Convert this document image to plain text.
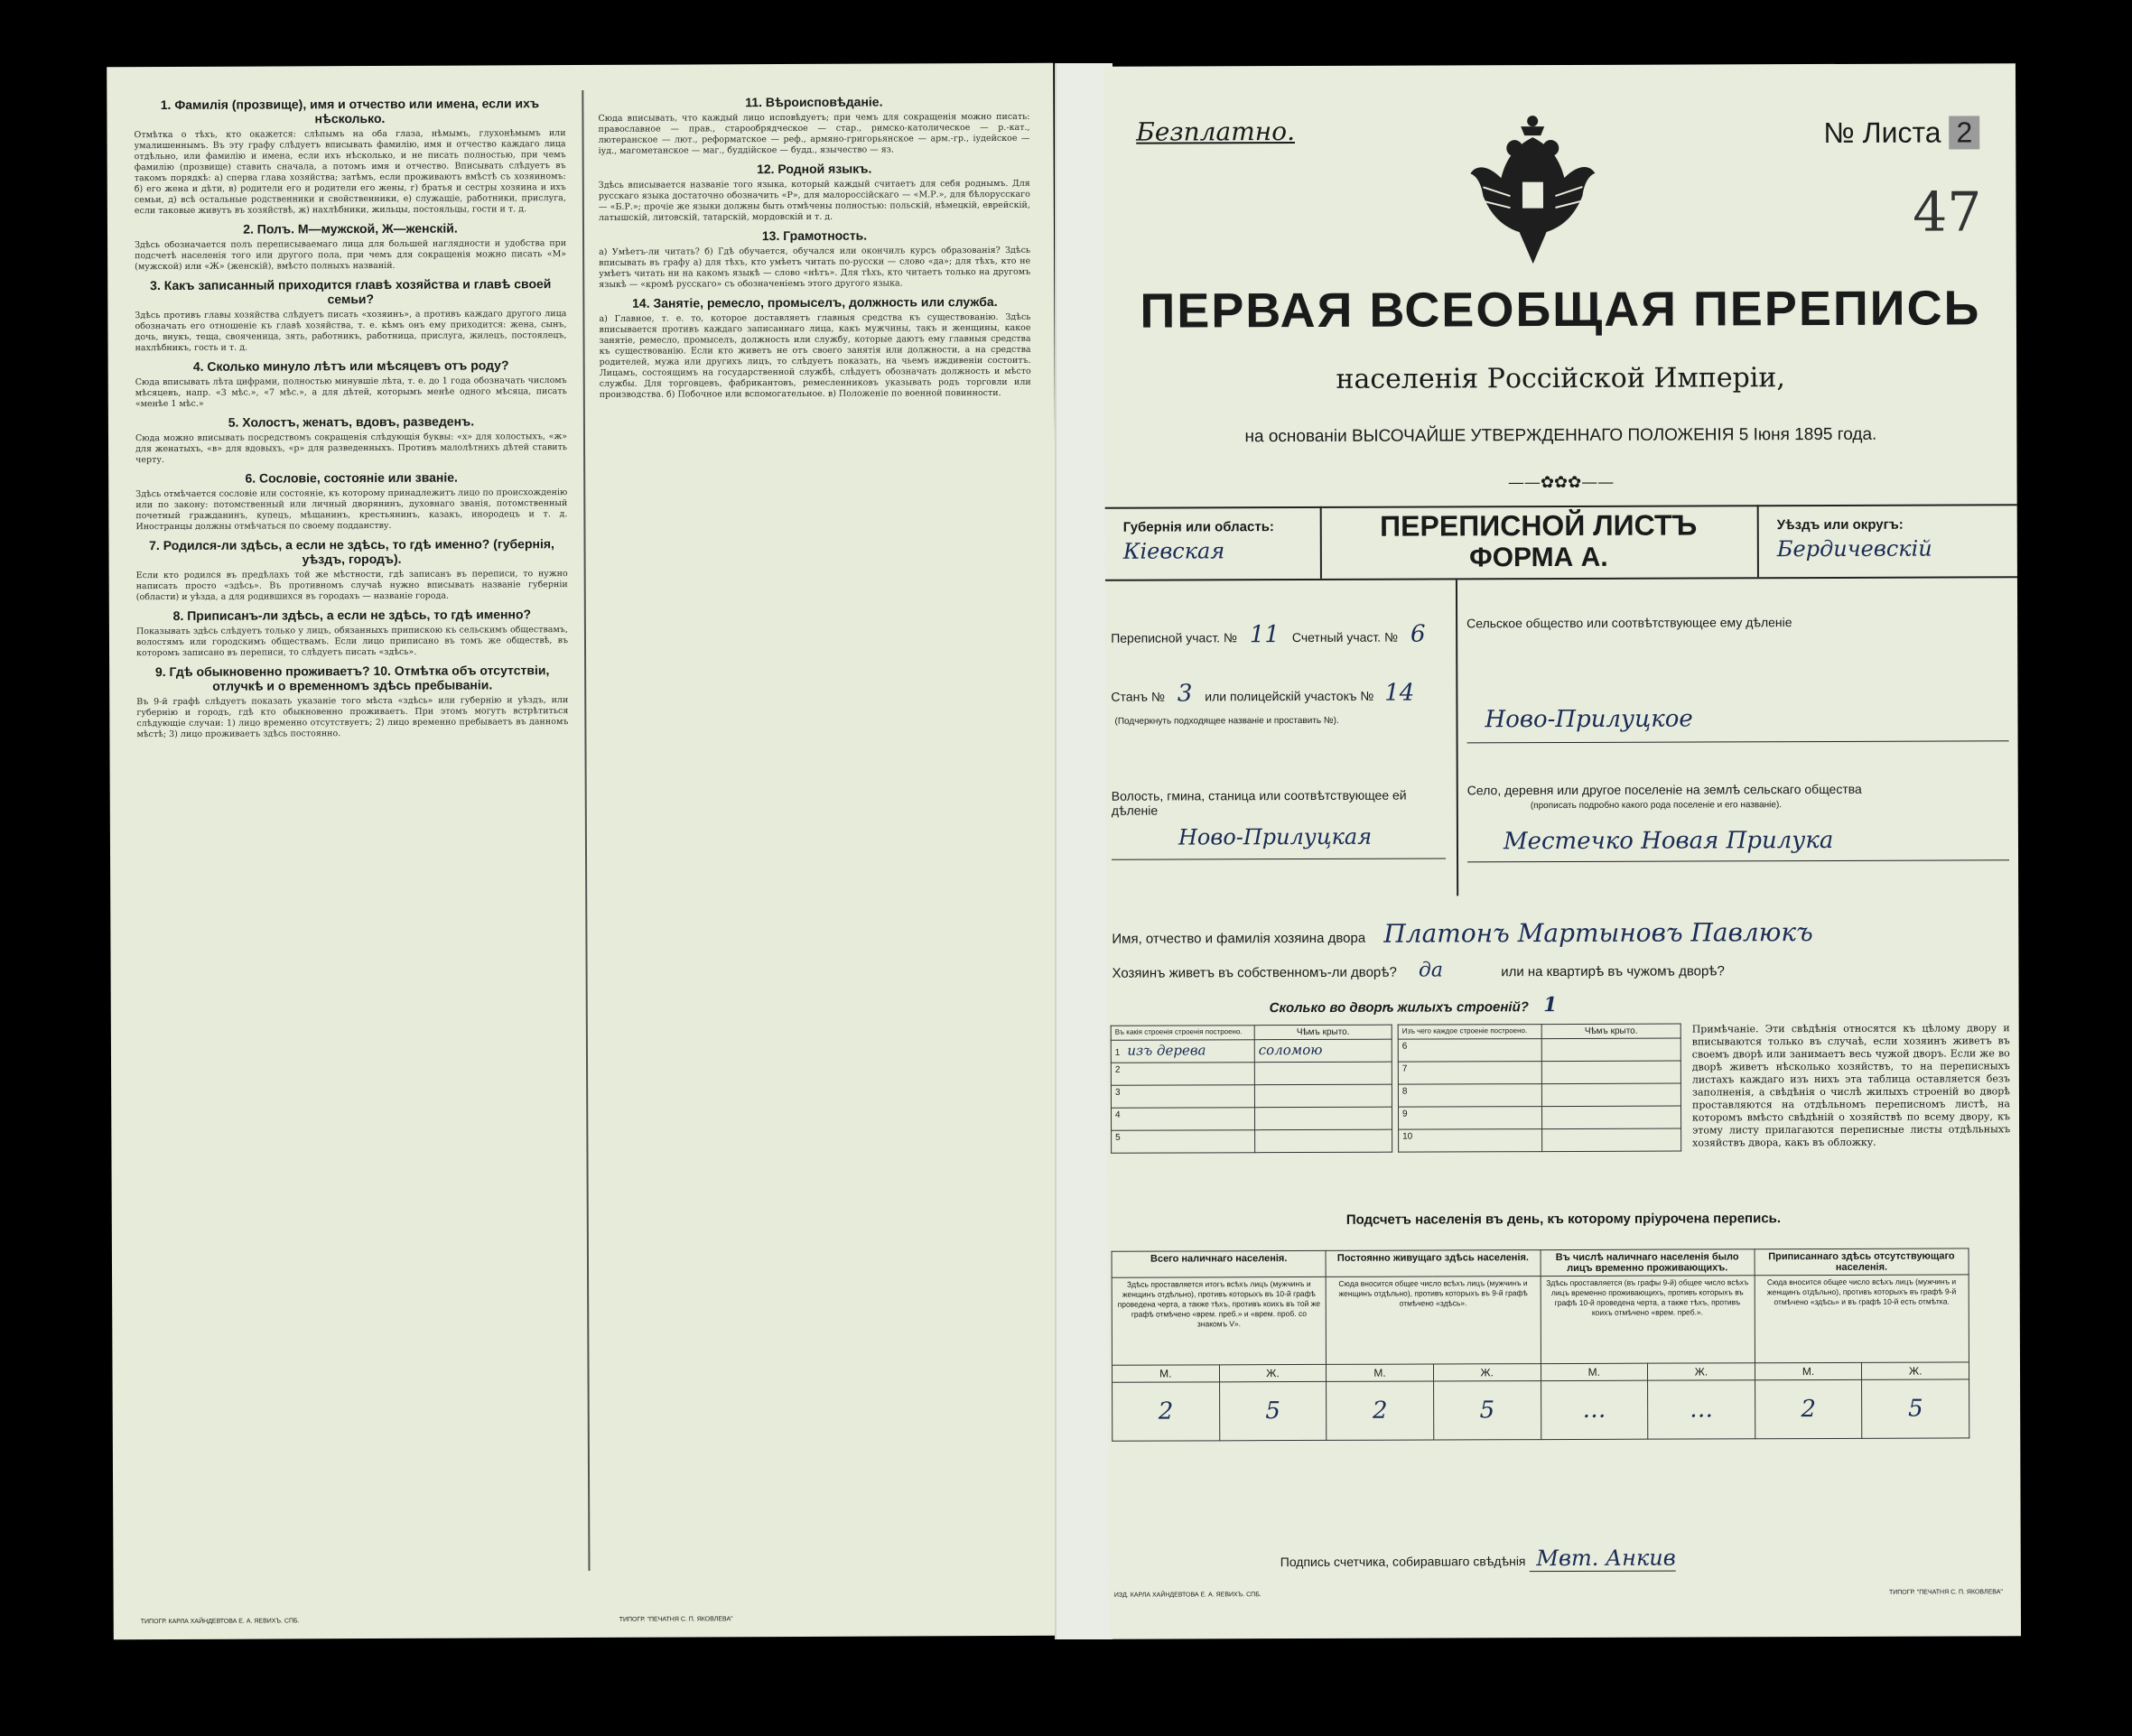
1. Фамилія (прозвище), имя и отчество или имена, если ихъ нѣсколько.

Отмѣтка о тѣхъ, кто окажется: слѣпымъ на оба глаза, нѣмымъ, глухонѣмымъ или умалишеннымъ. Въ эту графу слѣдуетъ вписывать фамилію, имя и отчество каждаго лица отдѣльно, или фамилію и имена, если ихъ нѣсколько, и не писать полностью, при чемъ фамилію (прозвище) ставить сначала, а потомъ имя и отчество. Вписывать слѣдуетъ въ такомъ порядкѣ: а) сперва глава хозяйства; затѣмъ, если проживаютъ вмѣстѣ съ хозяиномъ: б) его жена и дѣти, в) родители его и родители его жены, г) братья и сестры хозяина и ихъ семьи, д) всѣ остальные родственники и свойственники, е) служащіе, работники, прислуга, если таковые живутъ въ хозяйствѣ, ж) нахлѣбники, жильцы, постояльцы, гости и т. д.

2. Полъ. М—мужской, Ж—женскій.

Здѣсь обозначается полъ переписываемаго лица для большей наглядности и удобства при подсчетѣ населенія того или другого пола, при чемъ для сокращенія можно писать «М» (мужской) или «Ж» (женскій), вмѣсто полныхъ названій.

3. Какъ записанный приходится главѣ хозяйства и главѣ своей семьи?

Здѣсь противъ главы хозяйства слѣдуетъ писать «хозяинъ», а противъ каждаго другого лица обозначать его отношеніе къ главѣ хозяйства, т. е. кѣмъ онъ ему приходится: жена, сынъ, дочь, внукъ, теща, свояченица, зять, работникъ, работница, прислуга, жилецъ, постоялецъ, нахлѣбникъ, гость и т. д.

4. Сколько минуло лѣтъ или мѣсяцевъ отъ роду?

Сюда вписывать лѣта цифрами, полностью минувшіе лѣта, т. е. до 1 года обозначать числомъ мѣсяцевъ, напр. «3 мѣс.», «7 мѣс.», а для дѣтей, которымъ менѣе одного мѣсяца, писать «менѣе 1 мѣс.»

5. Холостъ, женатъ, вдовъ, разведенъ.

Сюда можно вписывать посредствомъ сокращенія слѣдующія буквы: «х» для холостыхъ, «ж» для женатыхъ, «в» для вдовыхъ, «р» для разведенныхъ. Противъ малолѣтнихъ дѣтей ставить черту.

6. Сословіе, состояніе или званіе.

Здѣсь отмѣчается сословіе или состояніе, къ которому принадлежитъ лицо по происхожденію или по закону: потомственный или личный дворянинъ, духовнаго званія, потомственный почетный гражданинъ, купецъ, мѣщанинъ, крестьянинъ, казакъ, инородецъ и т. д. Иностранцы должны отмѣчаться по своему подданству.

7. Родился-ли здѣсь, а если не здѣсь, то гдѣ именно? (губернія, уѣздъ, городъ).

Если кто родился въ предѣлахъ той же мѣстности, гдѣ записанъ въ переписи, то нужно написать просто «здѣсь». Въ противномъ случаѣ нужно вписывать названіе губерніи (области) и уѣзда, а для родившихся въ городахъ — названіе города.

8. Приписанъ-ли здѣсь, а если не здѣсь, то гдѣ именно?

Показывать здѣсь слѣдуетъ только у лицъ, обязанныхъ припискою къ сельскимъ обществамъ, волостямъ или городскимъ обществамъ. Если лицо приписано въ томъ же обществѣ, въ которомъ записано въ переписи, то слѣдуетъ писать «здѣсь».

9. Гдѣ обыкновенно проживаетъ? 10. Отмѣтка объ отсутствіи, отлучкѣ и о временномъ здѣсь пребываніи.

Въ 9-й графѣ слѣдуетъ показать указаніе того мѣста «здѣсь» или губернію и уѣздъ, или губернію и городъ, гдѣ кто обыкновенно проживаетъ. При этомъ могутъ встрѣтиться слѣдующіе случаи: 1) лицо временно отсутствуетъ; 2) лицо временно пребываетъ въ данномъ мѣстѣ; 3) лицо проживаетъ здѣсь постоянно.

11. Вѣроисповѣданіе.

Сюда вписывать, что каждый лицо исповѣдуетъ; при чемъ для сокращенія можно писать: православное — прав., старообрядческое — стар., римско-католическое — р.-кат., лютеранское — лют., реформатское — реф., армяно-григорьянское — арм.-гр., іудейское — іуд., магометанское — маг., буддійское — будд., язычество — яз.

12. Родной языкъ.

Здѣсь вписывается названіе того языка, который каждый считаетъ для себя роднымъ. Для русскаго языка достаточно обозначить «Р», для малороссійскаго — «М.Р.», для бѣлорусскаго — «Б.Р.»; прочіе же языки должны быть отмѣчены полностью: польскій, нѣмецкій, еврейскій, латышскій, литовскій, татарскій, мордовскій и т. д.

13. Грамотность.

а) Умѣетъ-ли читать? б) Гдѣ обучается, обучался или окончилъ курсъ образованія? Здѣсь вписывать въ графу а) для тѣхъ, кто умѣетъ читать по-русски — слово «да»; для тѣхъ, кто не умѣетъ читать ни на какомъ языкѣ — слово «нѣтъ». Для тѣхъ, кто читаетъ только на другомъ языкѣ — «кромѣ русскаго» съ обозначеніемъ этого другого языка.

14. Занятіе, ремесло, промыселъ, должность или служба.

а) Главное, т. е. то, которое доставляетъ главныя средства къ существованію. Здѣсь вписывается противъ каждаго записаннаго лица, какъ мужчины, такъ и женщины, какое занятіе, ремесло, промыселъ, должность или службу, которые даютъ ему главныя средства къ существованію. Если кто живетъ не отъ своего занятія или должности, а на средства родителей, мужа или другихъ лицъ, то слѣдуетъ показать, на чьемъ иждивеніи состоитъ. Лицамъ, состоящимъ на государственной службѣ, слѣдуетъ обозначать должность и мѣсто службы. Для торговцевъ, фабрикантовъ, ремесленниковъ указывать родъ торговли или производства. б) Побочное или вспомогательное. в) Положеніе по военной повинности.

ТИПОГР. КАРЛА ХАЙНДЕВТОВА Е. А. ЯЕВИХЪ. СПБ.	ТИПОГР. "ПЕЧАТНЯ С. П. ЯКОВЛЕВА"
Безплатно.	№ Листа 2
47
ПЕРВАЯ ВСЕОБЩАЯ ПЕРЕПИСЬ
населенія Россійской Имперіи,
на основаніи ВЫСОЧАЙШЕ УТВЕРЖДЕННАГО ПОЛОЖЕНІЯ 5 Іюня 1895 года.
——✿✿✿——
Губернія или область:
Кіевская
ПЕРЕПИСНОЙ ЛИСТЪ
ФОРМА А.
Уѣздъ или округъ:
Бердичевскій
Переписной участ. № 11 Счетный участ. № 6
Станъ № 3 или полицейскій участокъ № 14
(Подчеркнуть подходящее названіе и проставить №).
Волость, гмина, станица или соотвѣтствующее ей дѣленіе
Ново-Прилуцкая
Сельское общество или соотвѣтствующее ему дѣленіе
Ново-Прилуцкое
Село, деревня или другое поселеніе на землѣ сельскаго общества
(прописать подробно какого рода поселеніе и его названіе).
Местечко Новая Прилука
Имя, отчество и фамилія хозяина двора Платонъ Мартыновъ Павлюкъ
Хозяинъ живетъ въ собственномъ-ли дворѣ? да	или на квартирѣ въ чужомъ дворѣ?
Сколько во дворѣ жилыхъ строеній? 1
Въ какія строенія строенія построено.	Чѣмъ крыто.
1 изъ дерева	соломою
2	
3	
4	
5	
Изъ чего каждое строеніе построено.	Чѣмъ крыто.
6	
7	
8	
9	
10	
Примѣчаніе. Эти свѣдѣнія относятся къ цѣлому двору и вписываются только въ случаѣ, если хозяинъ живетъ въ своемъ дворѣ или занимаетъ весь чужой дворъ. Если же во дворѣ живетъ нѣсколько хозяйствъ, то на переписныхъ листахъ каждаго изъ нихъ эта таблица оставляется безъ заполненія, а свѣдѣнія о числѣ жилыхъ строеній во дворѣ проставляются на отдѣльномъ переписномъ листѣ, на которомъ вмѣсто свѣдѣній о хозяйствѣ по всему двору, къ этому листу прилагаются переписные листы отдѣльныхъ хозяйствъ двора, какъ въ обложку.
Подсчетъ населенія въ день, къ которому пріурочена перепись.
Всего наличнаго населенія.		Постоянно живущаго здѣсь населенія.		Въ числѣ наличнаго населенія было лицъ временно проживающихъ.		Приписаннаго здѣсь отсутствующаго населенія.	
Здѣсь проставляется итогъ всѣхъ лицъ (мужчинъ и женщинъ отдѣльно), противъ которыхъ въ 10-й графѣ проведена черта, а также тѣхъ, противъ коихъ въ той же графѣ отмѣчено «врем. преб.» и «врем. проб. со знакомъ V».		Сюда вносится общее число всѣхъ лицъ (мужчинъ и женщинъ отдѣльно), противъ которыхъ въ 9-й графѣ отмѣчено «здѣсь».		Здѣсь проставляется (въ графы 9-й) общее число всѣхъ лицъ временно проживающихъ, противъ которыхъ въ графѣ 10-й проведена черта, а также тѣхъ, противъ коихъ отмѣчено «врем. преб.».		Сюда вносится общее число всѣхъ лицъ (мужчинъ и женщинъ отдѣльно), противъ которыхъ въ графѣ 9-й отмѣчено «здѣсь» и въ графѣ 10-й есть отмѣтка.	
М.	Ж.	М.	Ж.	М.	Ж.	М.	Ж.
2	5	2	5	…	…	2	5
Подпись счетчика, собиравшаго свѣдѣнія Мвт. Анкив
ИЗД. КАРЛА ХАЙНДЕВТОВА Е. А. ЯЕВИХЪ. СПБ.	ТИПОГР. "ПЕЧАТНЯ С. П. ЯКОВЛЕВА"
